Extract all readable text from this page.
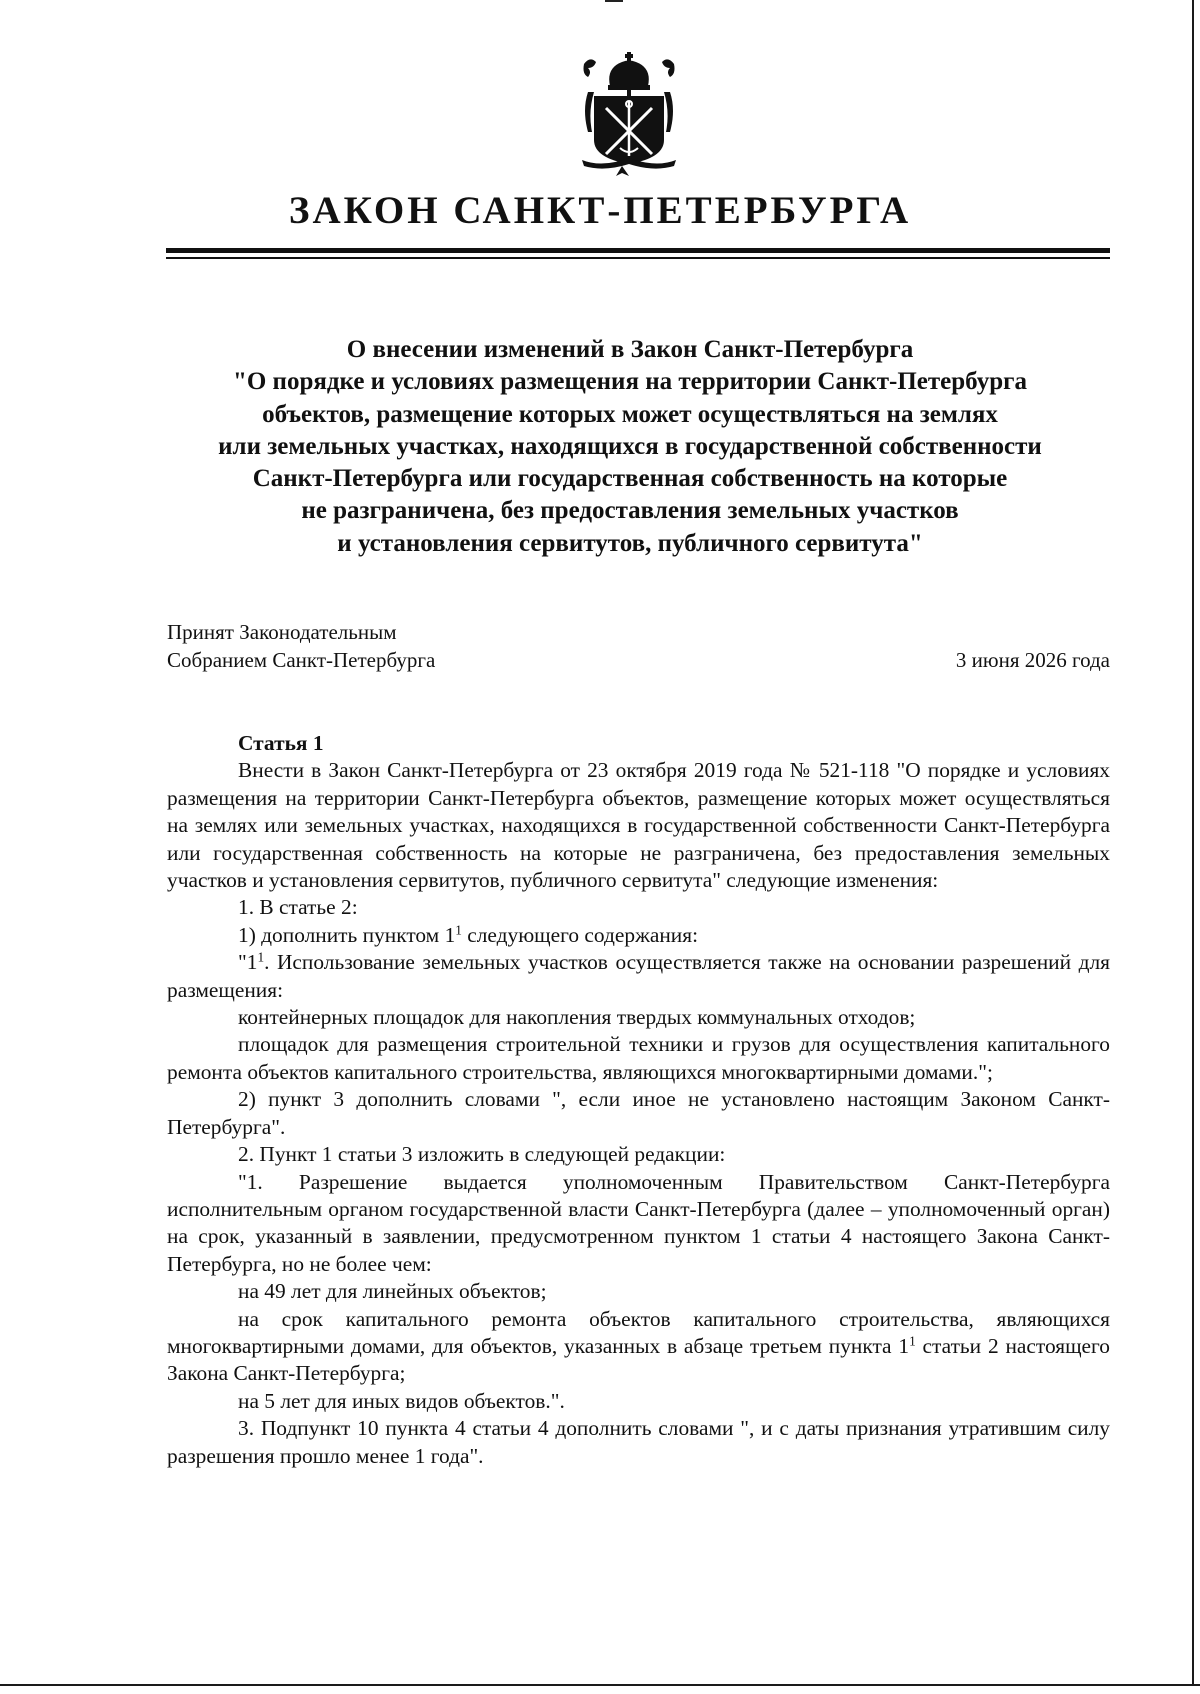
ЗАКОН САНКТ-ПЕТЕРБУРГА
О внесении изменений в Закон Санкт-Петербурга
"О порядке и условиях размещения на территории Санкт-Петербурга
объектов, размещение которых может осуществляться на землях
или земельных участках, находящихся в государственной собственности
Санкт-Петербурга или государственная собственность на которые
не разграничена, без предоставления земельных участков
и установления сервитутов, публичного сервитута"
Принят Законодательным
Собранием Санкт-Петербурга	3 июня 2026 года

Статья 1

Внести в Закон Санкт-Петербурга от 23 октября 2019 года № 521-118 "О порядке и условиях размещения на территории Санкт-Петербурга объектов, размещение которых может осуществляться на землях или земельных участках, находящихся в государственной собственности Санкт-Петербурга или государственная собственность на которые не разграничена, без предоставления земельных участков и установления сервитутов, публичного сервитута" следующие изменения:

1. В статье 2:

1) дополнить пунктом $1^1$ следующего содержания:

"$1^1$. Использование земельных участков осуществляется также на основании разрешений для размещения:

контейнерных площадок для накопления твердых коммунальных отходов;

площадок для размещения строительной техники и грузов для осуществления капитального ремонта объектов капитального строительства, являющихся многоквартирными домами.";

2) пункт 3 дополнить словами ", если иное не установлено настоящим Законом Санкт-Петербурга".

2. Пункт 1 статьи 3 изложить в следующей редакции:

"1. Разрешение выдается уполномоченным Правительством Санкт-Петербурга исполнительным органом государственной власти Санкт-Петербурга (далее – уполномоченный орган) на срок, указанный в заявлении, предусмотренном пунктом 1 статьи 4 настоящего Закона Санкт-Петербурга, но не более чем:

на 49 лет для линейных объектов;

на срок капитального ремонта объектов капитального строительства, являющихся многоквартирными домами, для объектов, указанных в абзаце третьем пункта $1^1$ статьи 2 настоящего Закона Санкт-Петербурга;

на 5 лет для иных видов объектов.".

3. Подпункт 10 пункта 4 статьи 4 дополнить словами ", и с даты признания утратившим силу разрешения прошло менее 1 года".
